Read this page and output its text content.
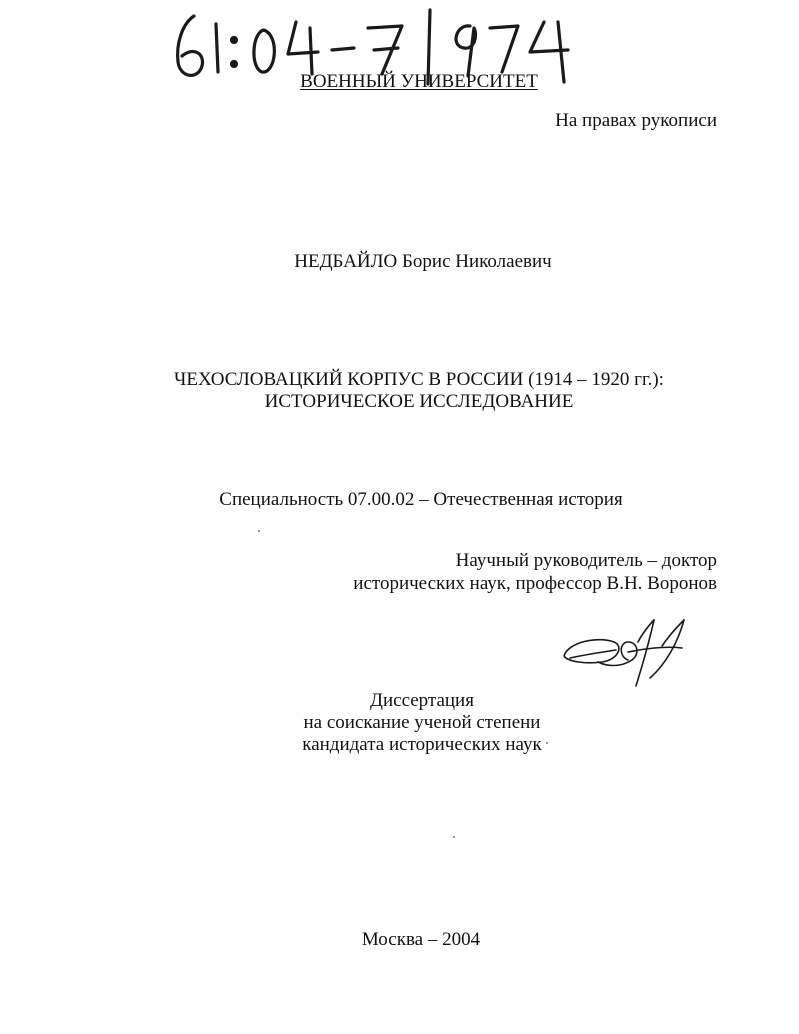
ВОЕННЫЙ УНИВЕРСИТЕТ
На правах рукописи
НЕДБАЙЛО Борис Николаевич
ЧЕХОСЛОВАЦКИЙ КОРПУС В РОССИИ (1914 – 1920 гг.):
ИСТОРИЧЕСКОЕ ИССЛЕДОВАНИЕ
Специальность 07.00.02 – Отечественная история
Научный руководитель – доктор
исторических наук, профессор В.Н. Воронов
Диссертация
на соискание ученой степени
кандидата исторических наук
Москва – 2004
